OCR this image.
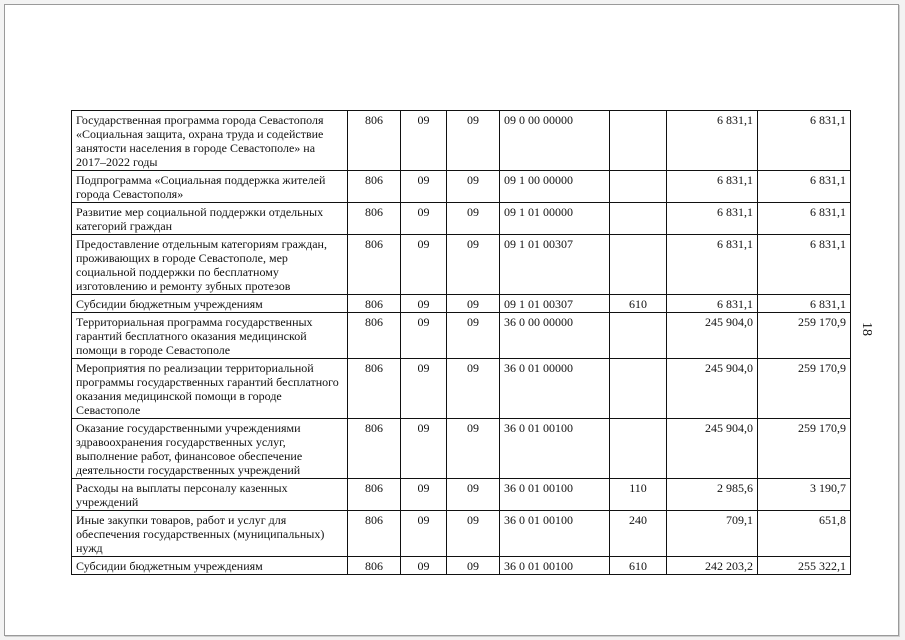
18
Государственная программа города Севастополя «Социальная защита, охрана труда и содействие занятости населения в городе Севастополе» на 2017–2022 годы	806	09	09	09 0 00 00000		6 831,1	6 831,1
Подпрограмма «Социальная поддержка жителей города Севастополя»	806	09	09	09 1 00 00000		6 831,1	6 831,1
Развитие мер социальной поддержки отдельных категорий граждан	806	09	09	09 1 01 00000		6 831,1	6 831,1
Предоставление отдельным категориям граждан, проживающих в городе Севастополе, мер социальной поддержки по бесплатному изготовлению и ремонту зубных протезов	806	09	09	09 1 01 00307		6 831,1	6 831,1
Субсидии бюджетным учреждениям	806	09	09	09 1 01 00307	610	6 831,1	6 831,1
Территориальная программа государственных гарантий бесплатного оказания медицинской помощи в городе Севастополе	806	09	09	36 0 00 00000		245 904,0	259 170,9
Мероприятия по реализации территориальной программы государственных гарантий бесплатного оказания медицинской помощи в городе Севастополе	806	09	09	36 0 01 00000		245 904,0	259 170,9
Оказание государственными учреждениями здравоохранения государственных услуг, выполнение работ, финансовое обеспечение деятельности государственных учреждений	806	09	09	36 0 01 00100		245 904,0	259 170,9
Расходы на выплаты персоналу казенных учреждений	806	09	09	36 0 01 00100	110	2 985,6	3 190,7
Иные закупки товаров, работ и услуг для обеспечения государственных (муниципальных) нужд	806	09	09	36 0 01 00100	240	709,1	651,8
Субсидии бюджетным учреждениям	806	09	09	36 0 01 00100	610	242 203,2	255 322,1
